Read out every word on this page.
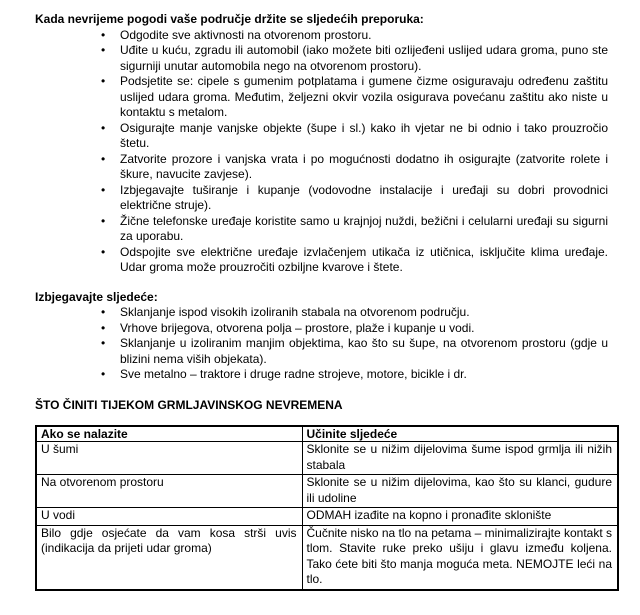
Kada nevrijeme pogodi vaše područje držite se sljedećih preporuka:
• Odgodite sve aktivnosti na otvorenom prostoru.
• Uđite u kuću, zgradu ili automobil (iako možete biti ozlijeđeni uslijed udara groma, puno ste sigurniji unutar automobila nego na otvorenom prostoru).
• Podsjetite se: cipele s gumenim potplatama i gumene čizme osiguravaju određenu zaštitu uslijed udara groma. Međutim, željezni okvir vozila osigurava povećanu zaštitu ako niste u kontaktu s metalom.
• Osigurajte manje vanjske objekte (šupe i sl.) kako ih vjetar ne bi odnio i tako prouzročio štetu.
• Zatvorite prozore i vanjska vrata i po mogućnosti dodatno ih osigurajte (zatvorite rolete i škure, navucite zavjese).
• Izbjegavajte tuširanje i kupanje (vodovodne instalacije i uređaji su dobri provodnici električne struje).
• Žične telefonske uređaje koristite samo u krajnjoj nuždi, bežični i celularni uređaji su sigurni za uporabu.
• Odspojite sve električne uređaje izvlačenjem utikača iz utičnica, isključite klima uređaje. Udar groma može prouzročiti ozbiljne kvarove i štete.
Izbjegavajte sljedeće:
• Sklanjanje ispod visokih izoliranih stabala na otvorenom području.
• Vrhove brijegova, otvorena polja – prostore, plaže i kupanje u vodi.
• Sklanjanje u izoliranim manjim objektima, kao što su šupe, na otvorenom prostoru (gdje u blizini nema viših objekata).
• Sve metalno – traktore i druge radne strojeve, motore, bicikle i dr.
ŠTO ČINITI TIJEKOM GRMLJAVINSKOG NEVREMENA
Ako se nalazite	Učinite sljedeće
U šumi	Sklonite se u nižim dijelovima šume ispod grmlja ili nižih stabala
Na otvorenom prostoru	Sklonite se u nižim dijelovima, kao što su klanci, gudure ili udoline
U vodi	ODMAH izađite na kopno i pronađite sklonište
Bilo gdje osjećate da vam kosa strši uvis (indikacija da prijeti udar groma)	Čučnite nisko na tlo na petama – minimalizirajte kontakt s tlom. Stavite ruke preko ušiju i glavu između koljena. Tako ćete biti što manja moguća meta. NEMOJTE leći na tlo.
